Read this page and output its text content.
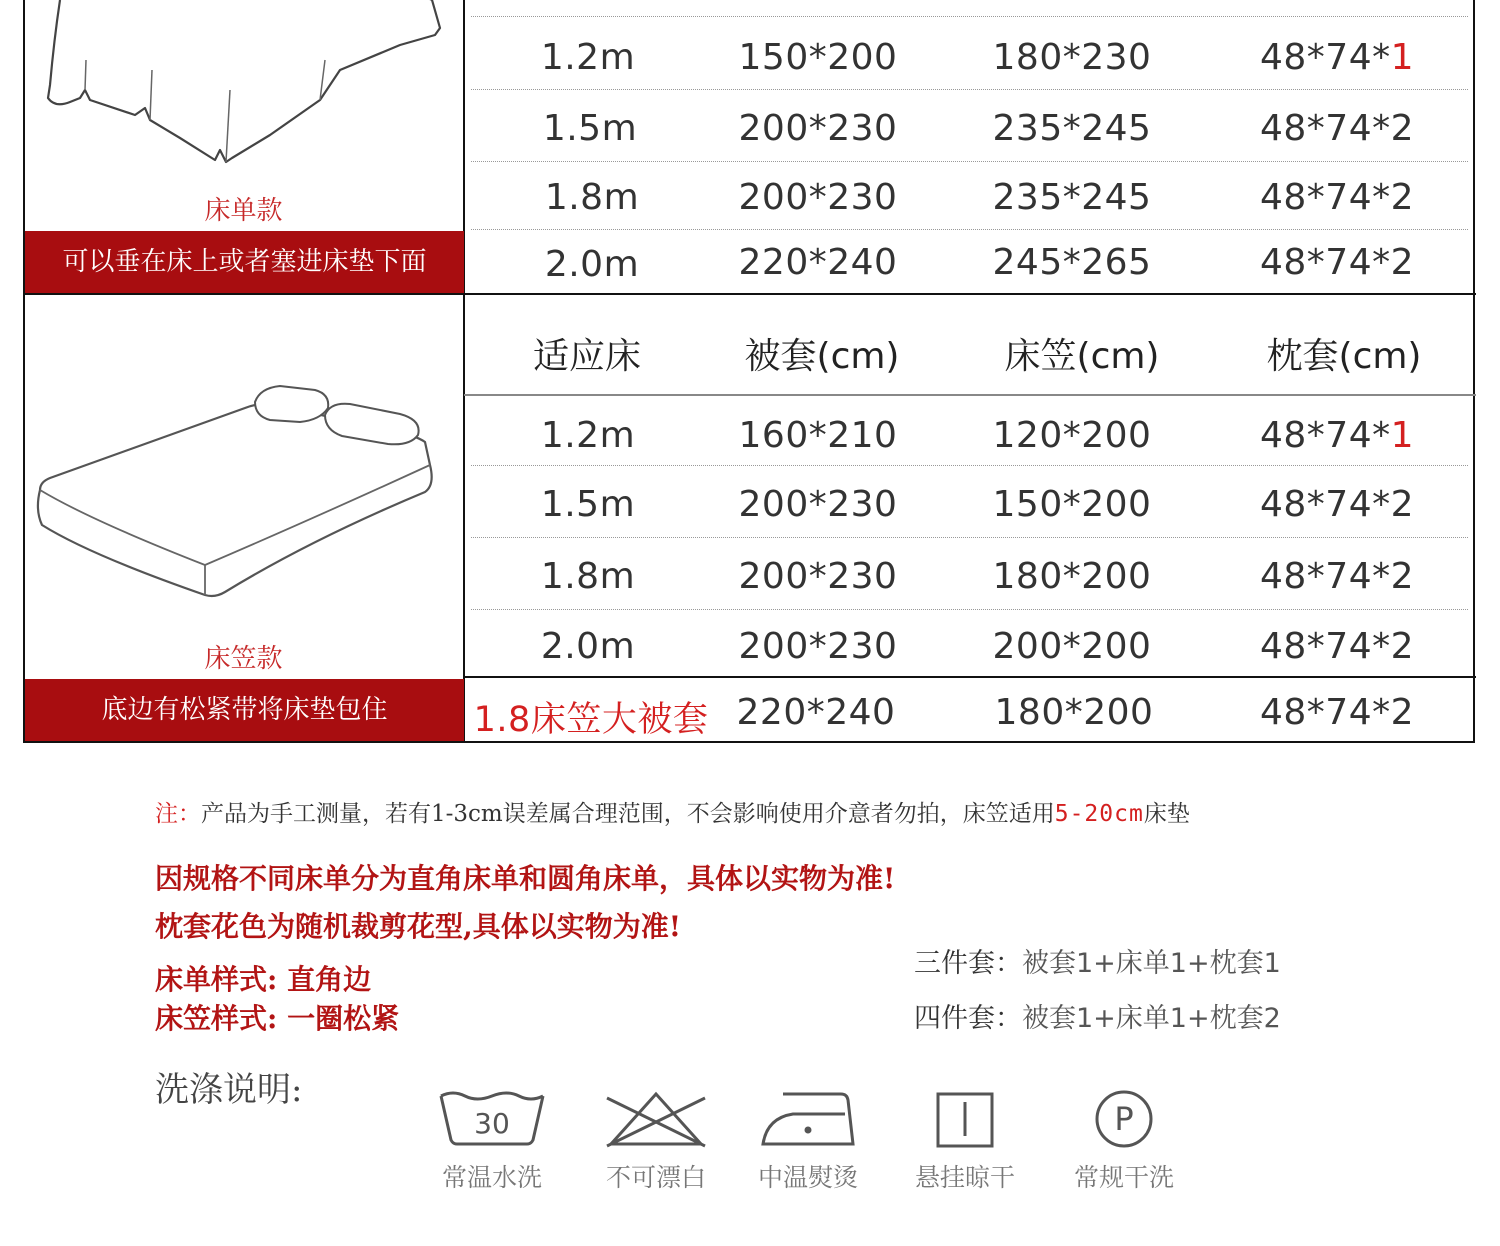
床单款
可以垂在床上或者塞进床垫下面
1.2m	150*200	180*230	48*74*1
1.5m	200*230	235*245	48*74*2
1.8m	200*230	235*245	48*74*2
2.0m	220*240	245*265	48*74*2
床笠款
底边有松紧带将床垫包住
适应床	被套(cm)	床笠(cm)	枕套(cm)
1.2m	160*210	120*200	48*74*1
1.5m	200*230	150*200	48*74*2
1.8m	200*230	180*200	48*74*2
2.0m	200*230	200*200	48*74*2
1.8床笠大被套 220*240	180*200	48*74*2
注：产品为手工测量，若有1-3cm误差属合理范围，不会影响使用介意者勿拍，床笠适用5-20cm床垫
因规格不同床单分为直角床单和圆角床单，具体以实物为准!
枕套花色为随机裁剪花型,具体以实物为准!
床单样式: 直角边
床笠样式: 一圈松紧
三件套：被套1+床单1+枕套1
四件套：被套1+床单1+枕套2
洗涤说明:
30
常温水洗	不可漂白	中温熨烫	悬挂晾干
P
常规干洗
